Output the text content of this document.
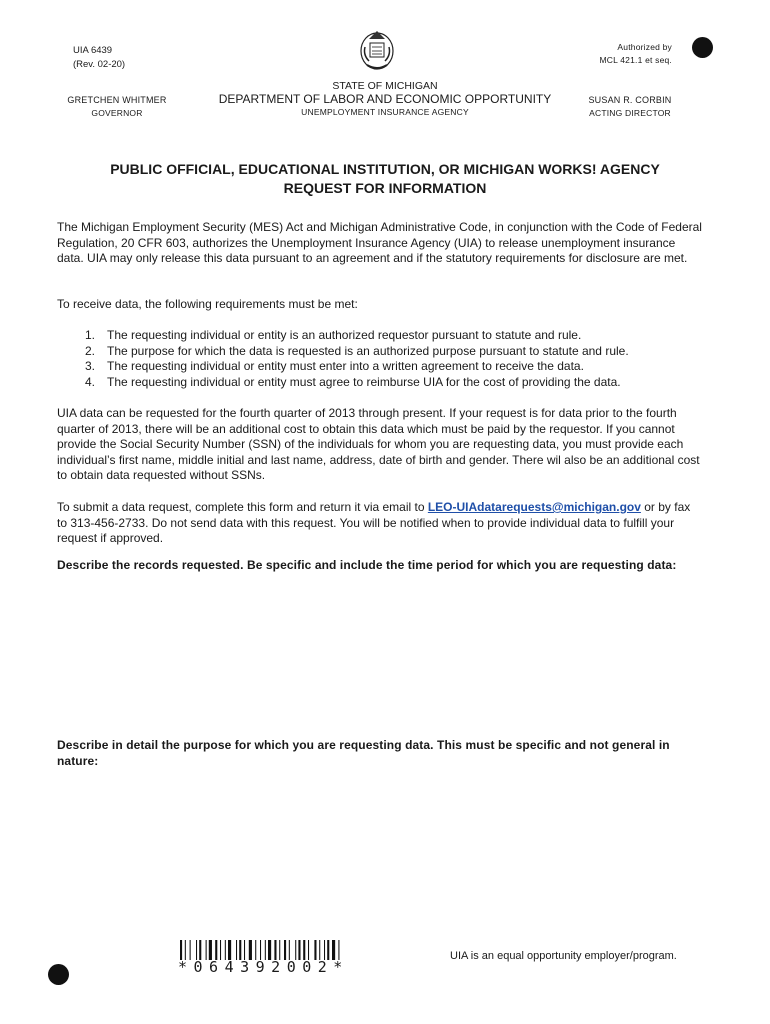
UIA 6439
(Rev. 02-20)
Authorized by
MCL 421.1 et seq.
STATE OF MICHIGAN
DEPARTMENT OF LABOR AND ECONOMIC OPPORTUNITY
UNEMPLOYMENT INSURANCE AGENCY
GRETCHEN WHITMER
GOVERNOR
SUSAN R. CORBIN
ACTING DIRECTOR
PUBLIC OFFICIAL, EDUCATIONAL INSTITUTION, OR MICHIGAN WORKS! AGENCY
REQUEST FOR INFORMATION
The Michigan Employment Security (MES) Act and Michigan Administrative Code, in conjunction with the Code of Federal Regulation, 20 CFR 603, authorizes the Unemployment Insurance Agency (UIA) to release unemployment insurance data. UIA may only release this data pursuant to an agreement and if the statutory requirements for disclosure are met.
To receive data, the following requirements must be met:
1. The requesting individual or entity is an authorized requestor pursuant to statute and rule.
2. The purpose for which the data is requested is an authorized purpose pursuant to statute and rule.
3. The requesting individual or entity must enter into a written agreement to receive the data.
4. The requesting individual or entity must agree to reimburse UIA for the cost of providing the data.
UIA data can be requested for the fourth quarter of 2013 through present. If your request is for data prior to the fourth quarter of 2013, there will be an additional cost to obtain this data which must be paid by the requestor. If you cannot provide the Social Security Number (SSN) of the individuals for whom you are requesting data, you must provide each individual’s first name, middle initial and last name, address, date of birth and gender. There wil also be an additional cost to obtain data requested without SSNs.
To submit a data request, complete this form and return it via email to LEO-UIAdatarequests@michigan.gov or by fax to 313-456-2733. Do not send data with this request. You will be notified when to provide individual data to fulfill your request if approved.
Describe the records requested. Be specific and include the time period for which you are requesting data:
Describe in detail the purpose for which you are requesting data. This must be specific and not general in nature:
*064392002*
UIA is an equal opportunity employer/program.
